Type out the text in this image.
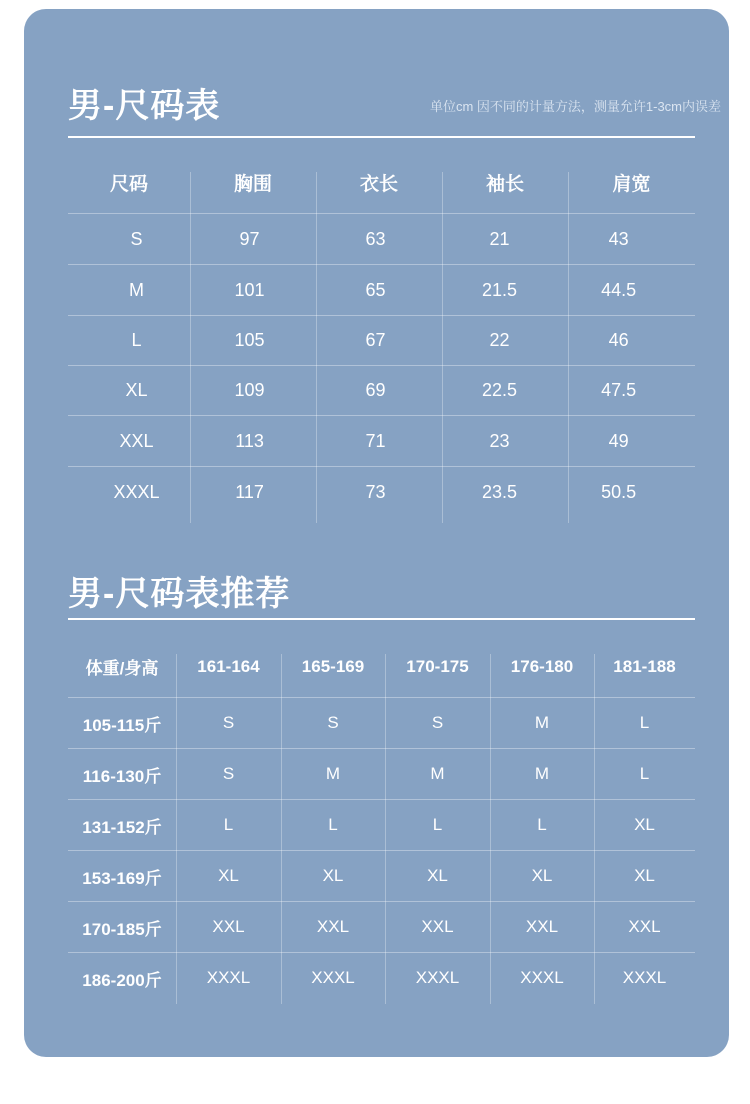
男-尺码表	单位cm 因不同的计量方法，测量允许1-3cm内误差
尺码	胸围	衣长	袖长	肩宽
S	97	63	21	43
M	101	65	21.5	44.5
L	105	67	22	46
XL	109	69	22.5	47.5
XXL	113	71	23	49
XXXL	117	73	23.5	50.5
男-尺码表推荐
体重/身高	161-164	165-169	170-175	176-180	181-188
105-115斤	S	S	S	M	L
116-130斤	S	M	M	M	L
131-152斤	L	L	L	L	XL
153-169斤	XL	XL	XL	XL	XL
170-185斤	XXL	XXL	XXL	XXL	XXL
186-200斤	XXXL	XXXL	XXXL	XXXL	XXXL
